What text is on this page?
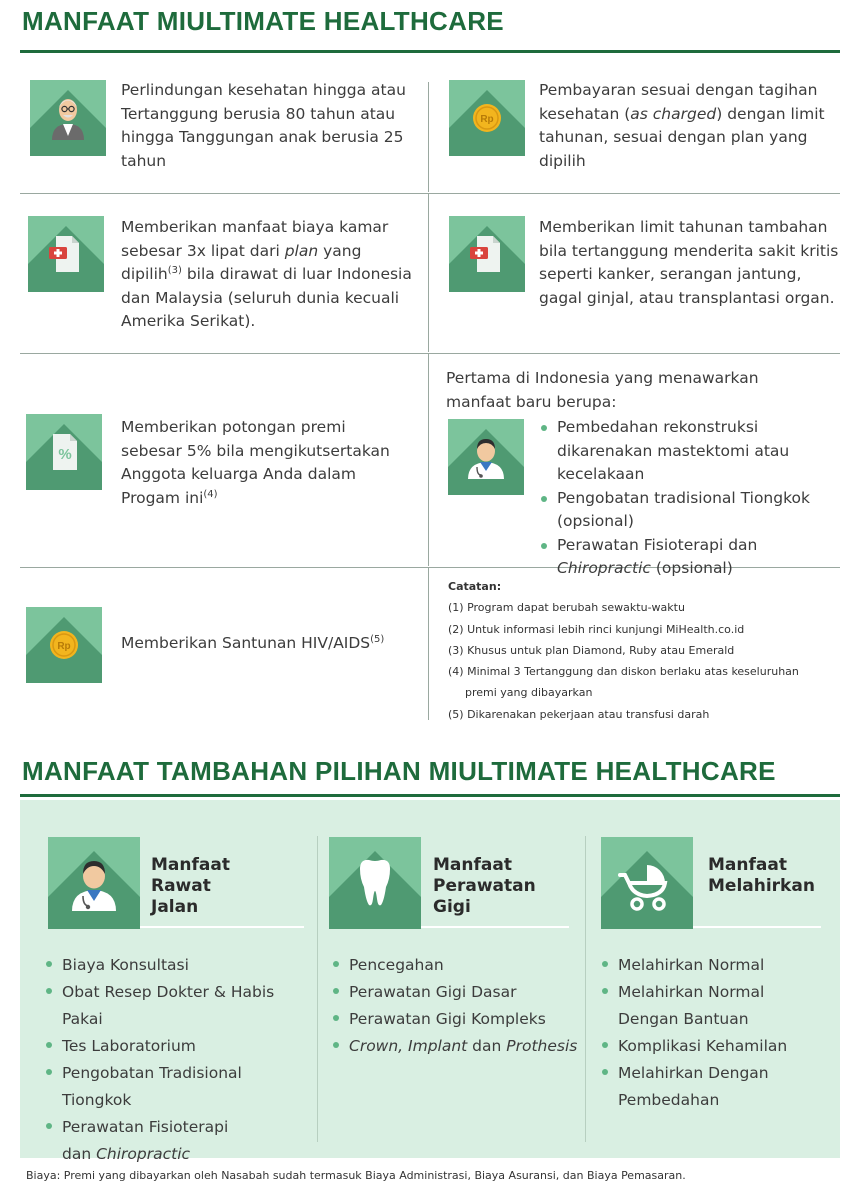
MANFAAT MIULTIMATE HEALTHCARE
Perlindungan kesehatan hingga atau Tertanggung berusia 80 tahun atau hingga Tanggungan anak berusia 25 tahun
Rp
Pembayaran sesuai dengan tagihan kesehatan (as charged) dengan limit tahunan, sesuai dengan plan yang dipilih
Memberikan manfaat biaya kamar sebesar 3x lipat dari plan yang dipilih$^{(3)}$ bila dirawat di luar Indonesia dan Malaysia (seluruh dunia kecuali Amerika Serikat).
Memberikan limit tahunan tambahan bila tertanggung menderita sakit kritis seperti kanker, serangan jantung, gagal ginjal, atau transplantasi organ.
%
Memberikan potongan premi sebesar 5% bila mengikutsertakan Anggota keluarga Anda dalam Progam ini$^{(4)}$
Pertama di Indonesia yang menawarkan manfaat baru berupa:
Pembedahan rekonstruksi dikarenakan mastektomi atau kecelakaan
Pengobatan tradisional Tiongkok (opsional)
Perawatan Fisioterapi dan Chiropractic (opsional)
Rp	Memberikan Santunan HIV/AIDS$^{(5)}$
Catatan:
(1) Program dapat berubah sewaktu-waktu
(2) Untuk informasi lebih rinci kunjungi MiHealth.co.id
(3) Khusus untuk plan Diamond, Ruby atau Emerald
(4) Minimal 3 Tertanggung dan diskon berlaku atas keseluruhan
premi yang dibayarkan
(5) Dikarenakan pekerjaan atau transfusi darah
MANFAAT TAMBAHAN PILIHAN MIULTIMATE HEALTHCARE
Manfaat
Rawat
Jalan
Biaya Konsultasi
Obat Resep Dokter & Habis Pakai
Tes Laboratorium
Pengobatan Tradisional
Tiongkok
Perawatan Fisioterapi
dan Chiropractic
Manfaat
Perawatan
Gigi
Pencegahan
Perawatan Gigi Dasar
Perawatan Gigi Kompleks
Crown, Implant dan Prothesis
Manfaat
Melahirkan
Melahirkan Normal
Melahirkan Normal
Dengan Bantuan
Komplikasi Kehamilan
Melahirkan Dengan
Pembedahan
Biaya: Premi yang dibayarkan oleh Nasabah sudah termasuk Biaya Administrasi, Biaya Asuransi, dan Biaya Pemasaran.
